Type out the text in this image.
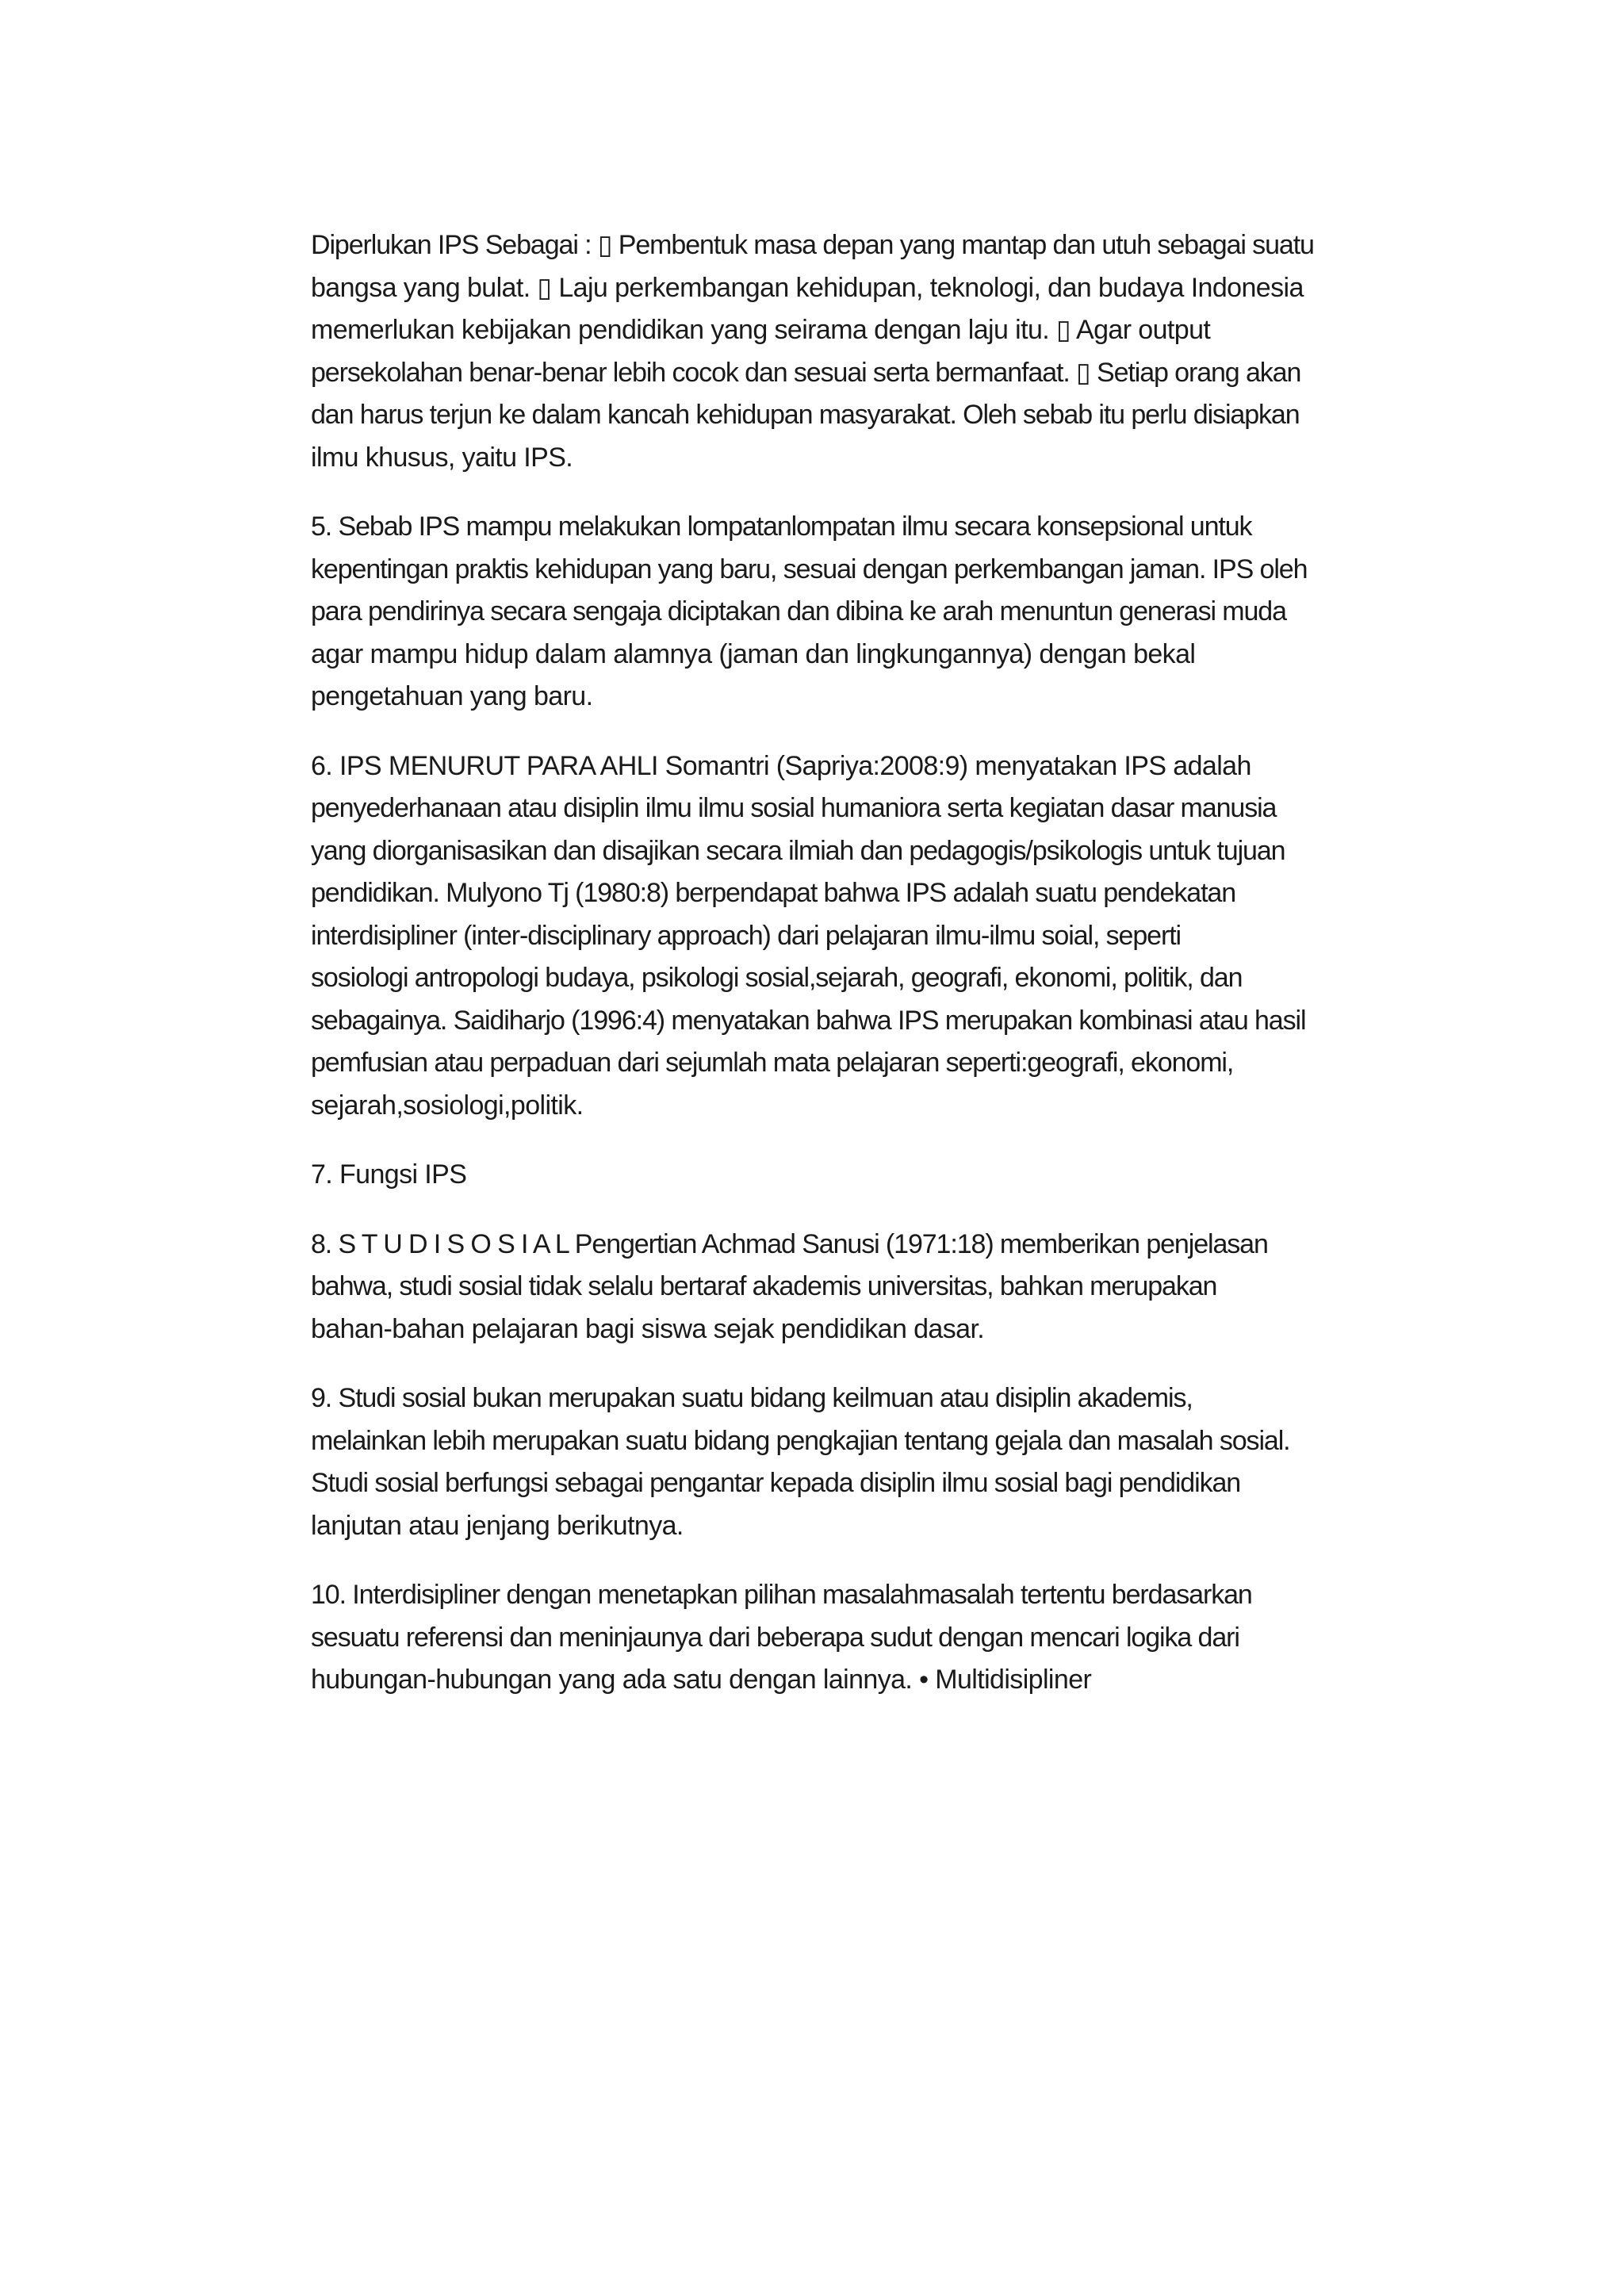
Diperlukan IPS Sebagai : ▯ Pembentuk masa depan yang mantap dan utuh sebagai suatu
bangsa yang bulat. ▯ Laju perkembangan kehidupan, teknologi, dan budaya Indonesia
memerlukan kebijakan pendidikan yang seirama dengan laju itu. ▯ Agar output
persekolahan benar-benar lebih cocok dan sesuai serta bermanfaat. ▯ Setiap orang akan
dan harus terjun ke dalam kancah kehidupan masyarakat. Oleh sebab itu perlu disiapkan
ilmu khusus, yaitu IPS.

5. Sebab IPS mampu melakukan lompatanlompatan ilmu secara konsepsional untuk
kepentingan praktis kehidupan yang baru, sesuai dengan perkembangan jaman. IPS oleh
para pendirinya secara sengaja diciptakan dan dibina ke arah menuntun generasi muda
agar mampu hidup dalam alamnya (jaman dan lingkungannya) dengan bekal
pengetahuan yang baru.

6. IPS MENURUT PARA AHLI Somantri (Sapriya:2008:9) menyatakan IPS adalah
penyederhanaan atau disiplin ilmu ilmu sosial humaniora serta kegiatan dasar manusia
yang diorganisasikan dan disajikan secara ilmiah dan pedagogis/psikologis untuk tujuan
pendidikan. Mulyono Tj (1980:8) berpendapat bahwa IPS adalah suatu pendekatan
interdisipliner (inter-disciplinary approach) dari pelajaran ilmu-ilmu soial, seperti
sosiologi antropologi budaya, psikologi sosial,sejarah, geografi, ekonomi, politik, dan
sebagainya. Saidiharjo (1996:4) menyatakan bahwa IPS merupakan kombinasi atau hasil
pemfusian atau perpaduan dari sejumlah mata pelajaran seperti:geografi, ekonomi,
sejarah,sosiologi,politik.

7. Fungsi IPS

8. S T U D I S O S I A L Pengertian Achmad Sanusi (1971:18) memberikan penjelasan
bahwa, studi sosial tidak selalu bertaraf akademis universitas, bahkan merupakan
bahan-bahan pelajaran bagi siswa sejak pendidikan dasar.

9. Studi sosial bukan merupakan suatu bidang keilmuan atau disiplin akademis,
melainkan lebih merupakan suatu bidang pengkajian tentang gejala dan masalah sosial.
Studi sosial berfungsi sebagai pengantar kepada disiplin ilmu sosial bagi pendidikan
lanjutan atau jenjang berikutnya.

10. Interdisipliner dengan menetapkan pilihan masalahmasalah tertentu berdasarkan
sesuatu referensi dan meninjaunya dari beberapa sudut dengan mencari logika dari
hubungan-hubungan yang ada satu dengan lainnya. • Multidisipliner
